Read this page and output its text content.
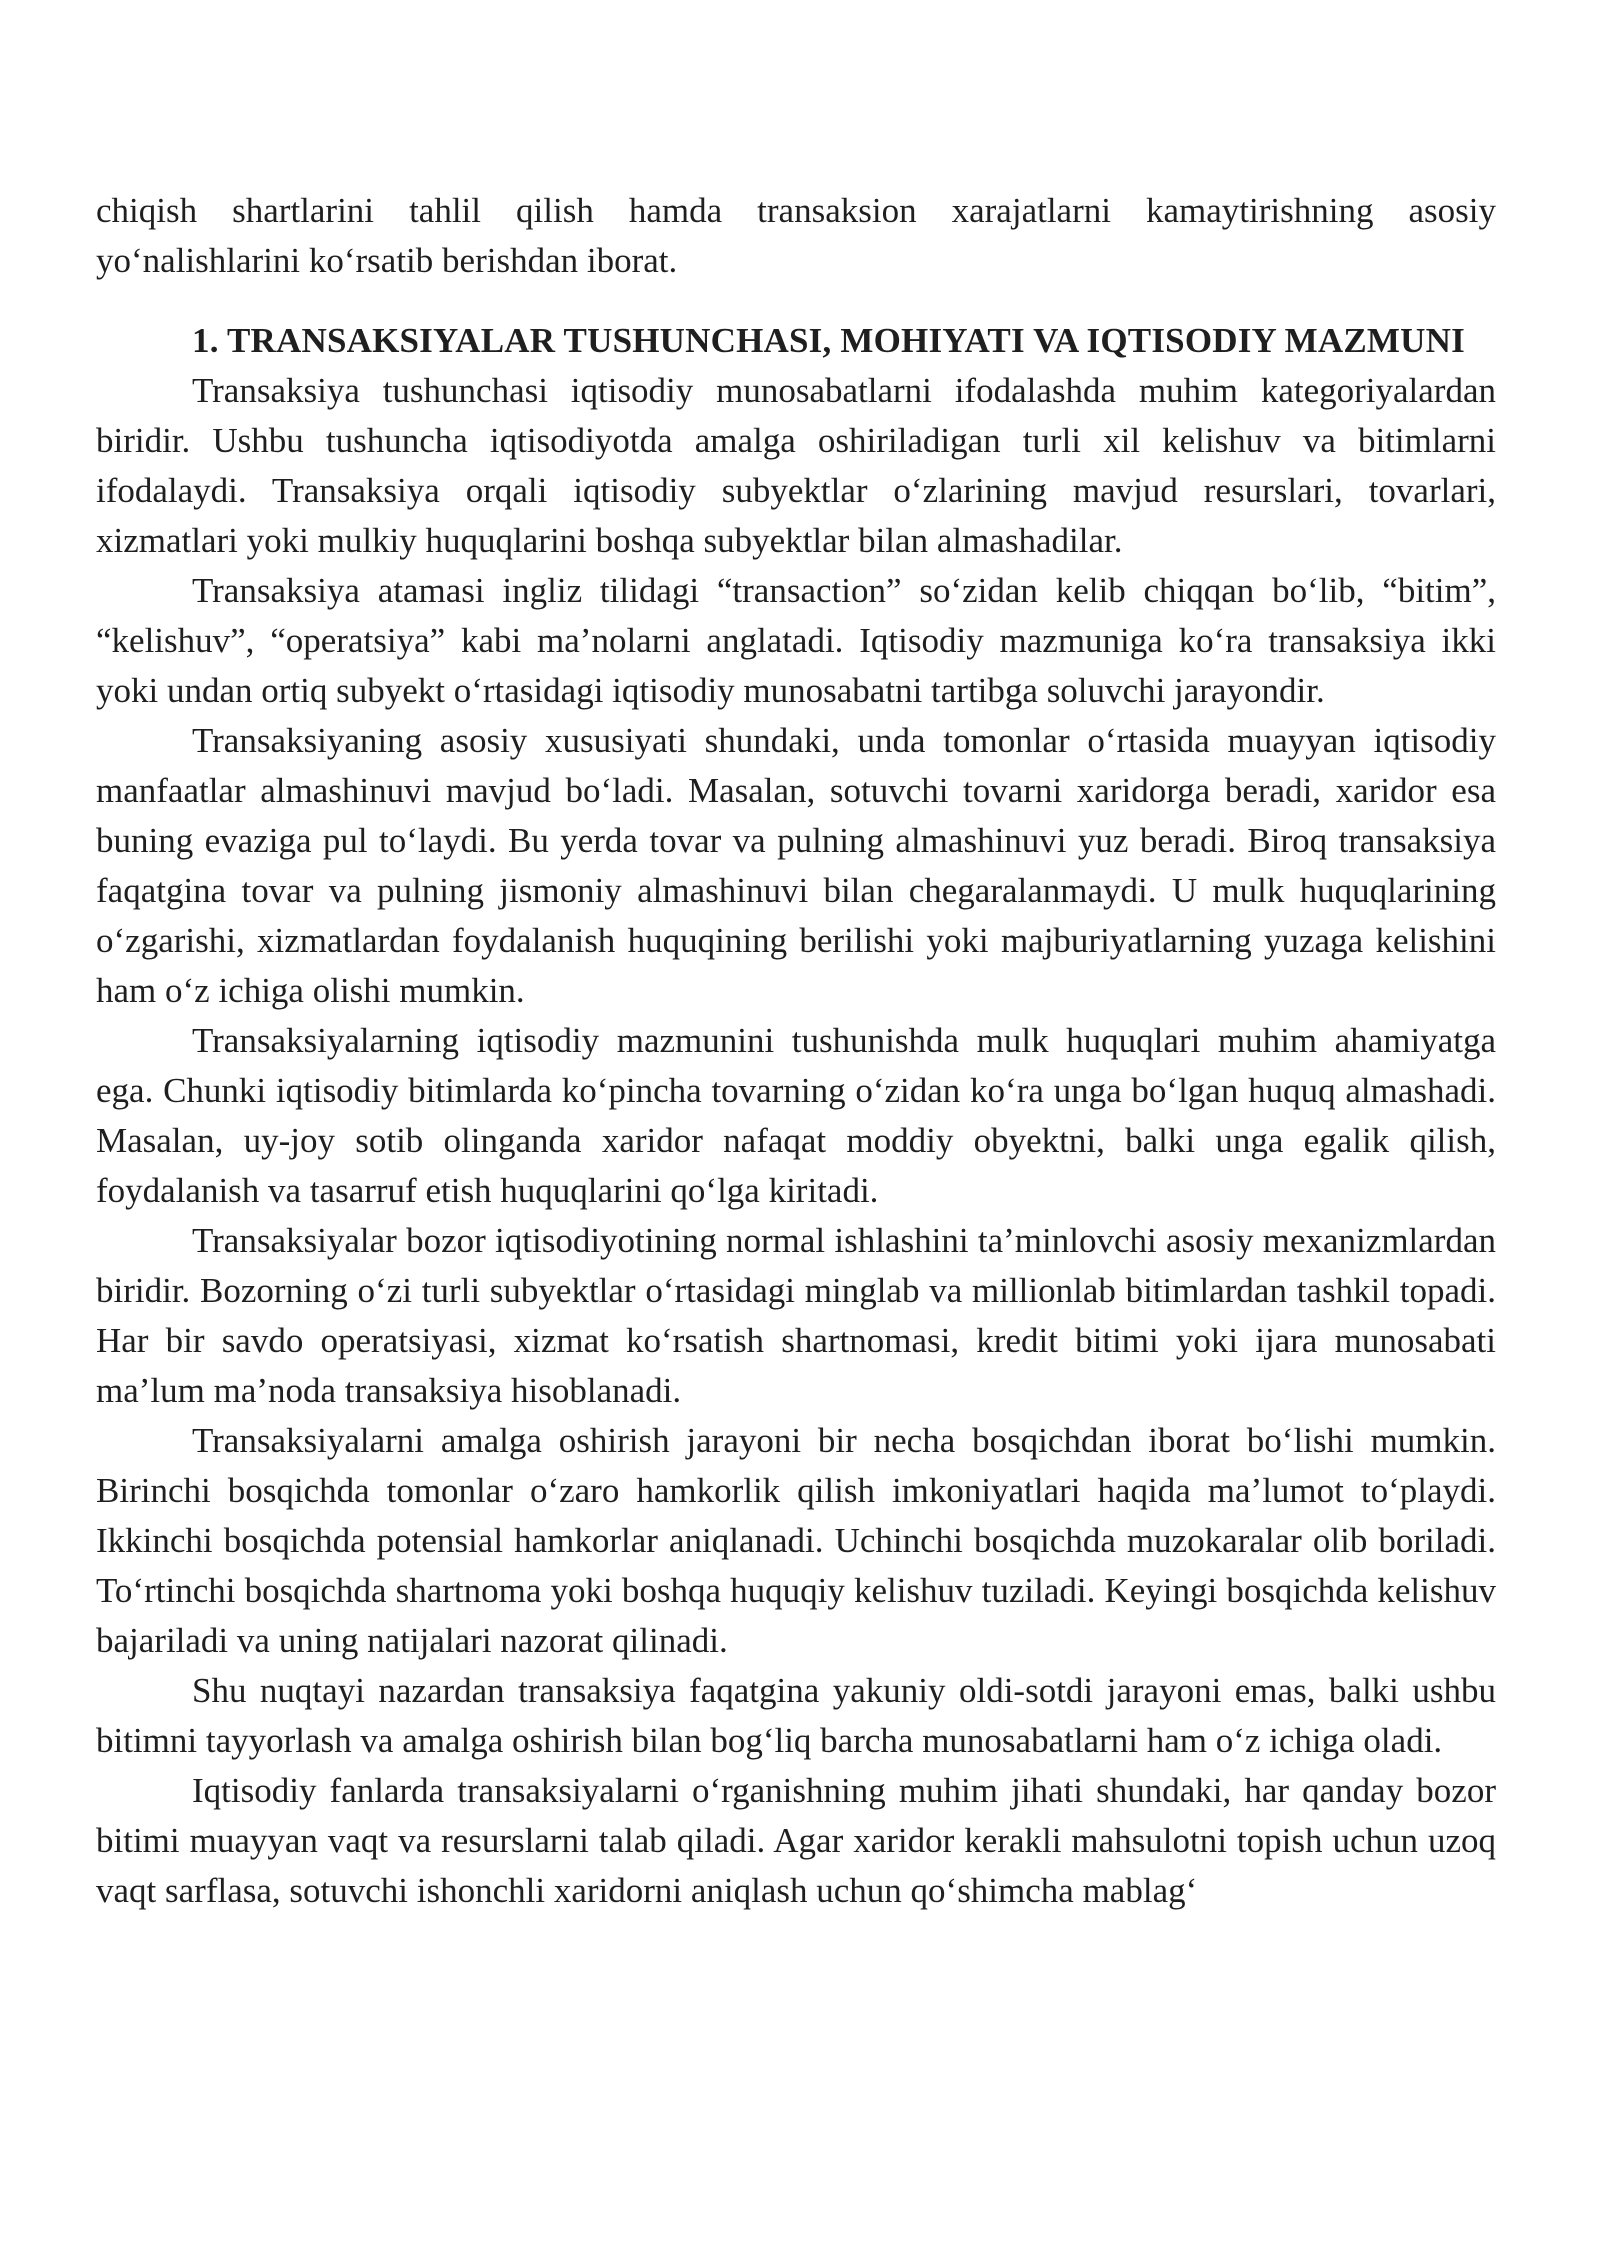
chiqish shartlarini tahlil qilish hamda transaksion xarajatlarni kamaytirishning asosiy yo‘nalishlarini ko‘rsatib berishdan iborat.

1. TRANSAKSIYALAR TUSHUNCHASI, MOHIYATI VA IQTISODIY MAZMUNI

Transaksiya tushunchasi iqtisodiy munosabatlarni ifodalashda muhim kategoriyalardan biridir. Ushbu tushuncha iqtisodiyotda amalga oshiriladigan turli xil kelishuv va bitimlarni ifodalaydi. Transaksiya orqali iqtisodiy subyektlar o‘zlarining mavjud resurslari, tovarlari, xizmatlari yoki mulkiy huquqlarini boshqa subyektlar bilan almashadilar.

Transaksiya atamasi ingliz tilidagi “transaction” so‘zidan kelib chiqqan bo‘lib, “bitim”, “kelishuv”, “operatsiya” kabi ma’nolarni anglatadi. Iqtisodiy mazmuniga ko‘ra transaksiya ikki yoki undan ortiq subyekt o‘rtasidagi iqtisodiy munosabatni tartibga soluvchi jarayondir.

Transaksiyaning asosiy xususiyati shundaki, unda tomonlar o‘rtasida muayyan iqtisodiy manfaatlar almashinuvi mavjud bo‘ladi. Masalan, sotuvchi tovarni xaridorga beradi, xaridor esa buning evaziga pul to‘laydi. Bu yerda tovar va pulning almashinuvi yuz beradi. Biroq transaksiya faqatgina tovar va pulning jismoniy almashinuvi bilan chegaralanmaydi. U mulk huquqlarining o‘zgarishi, xizmatlardan foydalanish huquqining berilishi yoki majburiyatlarning yuzaga kelishini ham o‘z ichiga olishi mumkin.

Transaksiyalarning iqtisodiy mazmunini tushunishda mulk huquqlari muhim ahamiyatga ega. Chunki iqtisodiy bitimlarda ko‘pincha tovarning o‘zidan ko‘ra unga bo‘lgan huquq almashadi. Masalan, uy-joy sotib olinganda xaridor nafaqat moddiy obyektni, balki unga egalik qilish, foydalanish va tasarruf etish huquqlarini qo‘lga kiritadi.

Transaksiyalar bozor iqtisodiyotining normal ishlashini ta’minlovchi asosiy mexanizmlardan biridir. Bozorning o‘zi turli subyektlar o‘rtasidagi minglab va millionlab bitimlardan tashkil topadi. Har bir savdo operatsiyasi, xizmat ko‘rsatish shartnomasi, kredit bitimi yoki ijara munosabati ma’lum ma’noda transaksiya hisoblanadi.

Transaksiyalarni amalga oshirish jarayoni bir necha bosqichdan iborat bo‘lishi mumkin. Birinchi bosqichda tomonlar o‘zaro hamkorlik qilish imkoniyatlari haqida ma’lumot to‘playdi. Ikkinchi bosqichda potensial hamkorlar aniqlanadi. Uchinchi bosqichda muzokaralar olib boriladi. To‘rtinchi bosqichda shartnoma yoki boshqa huquqiy kelishuv tuziladi. Keyingi bosqichda kelishuv bajariladi va uning natijalari nazorat qilinadi.

Shu nuqtayi nazardan transaksiya faqatgina yakuniy oldi-sotdi jarayoni emas, balki ushbu bitimni tayyorlash va amalga oshirish bilan bog‘liq barcha munosabatlarni ham o‘z ichiga oladi.

Iqtisodiy fanlarda transaksiyalarni o‘rganishning muhim jihati shundaki, har qanday bozor bitimi muayyan vaqt va resurslarni talab qiladi. Agar xaridor kerakli mahsulotni topish uchun uzoq vaqt sarflasa, sotuvchi ishonchli xaridorni aniqlash uchun qo‘shimcha mablag‘
